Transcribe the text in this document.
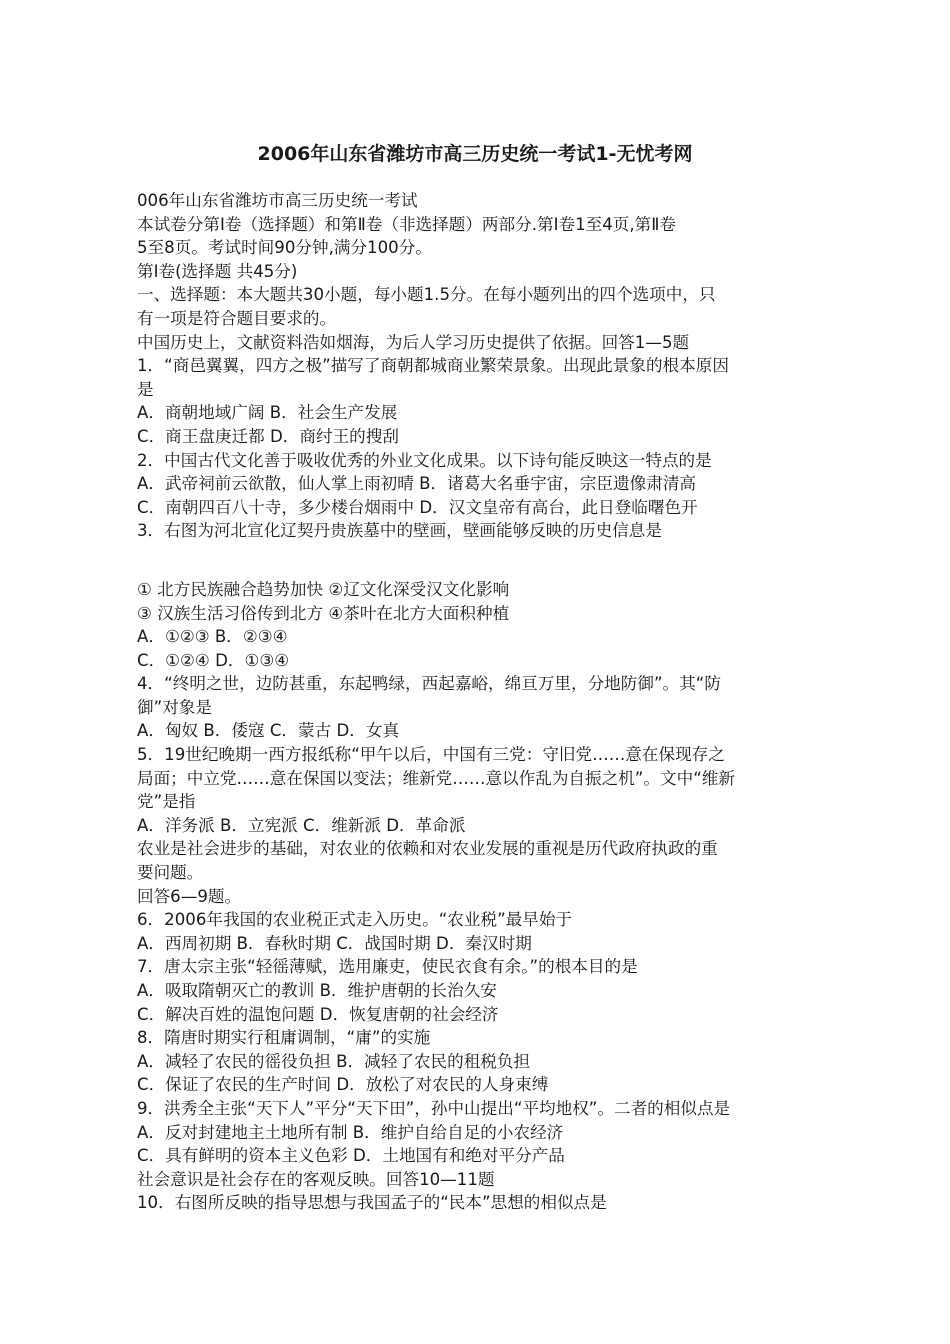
2006年山东省潍坊市高三历史统一考试1-无忧考网
006年山东省潍坊市高三历史统一考试
本试卷分第Ⅰ卷（选择题）和第Ⅱ卷（非选择题）两部分.第Ⅰ卷1至4页,第Ⅱ卷
5至8页。考试时间90分钟,满分100分。
第Ⅰ卷(选择题 共45分)
一、选择题：本大题共30小题，每小题1.5分。在每小题列出的四个选项中，只
有一项是符合题目要求的。
中国历史上，文献资料浩如烟海，为后人学习历史提供了依据。回答1—5题
1．“商邑翼翼，四方之极”描写了商朝都城商业繁荣景象。出现此景象的根本原因
是
A．商朝地域广阔 B．社会生产发展
C．商王盘庚迁都 D．商纣王的搜刮
2．中国古代文化善于吸收优秀的外业文化成果。以下诗句能反映这一特点的是
A．武帝祠前云欲散，仙人掌上雨初晴 B．诸葛大名垂宇宙，宗臣遗像肃清高
C．南朝四百八十寺，多少楼台烟雨中 D．汉文皇帝有高台，此日登临曙色开
3．右图为河北宣化辽契丹贵族墓中的壁画，壁画能够反映的历史信息是
① 北方民族融合趋势加快 ②辽文化深受汉文化影响
③ 汉族生活习俗传到北方 ④茶叶在北方大面积种植
A．①②③ B．②③④
C．①②④ D．①③④
4．“终明之世，边防甚重，东起鸭绿，西起嘉峪，绵亘万里，分地防御”。其“防
御”对象是
A．匈奴 B．倭寇 C．蒙古 D．女真
5．19世纪晚期一西方报纸称“甲午以后，中国有三党：守旧党……意在保现存之
局面；中立党……意在保国以变法；维新党……意以作乱为自振之机”。文中“维新
党”是指
A．洋务派 B．立宪派 C．维新派 D．革命派
农业是社会进步的基础，对农业的依赖和对农业发展的重视是历代政府执政的重
要问题。
回答6—9题。
6．2006年我国的农业税正式走入历史。“农业税”最早始于
A．西周初期 B．春秋时期 C．战国时期 D．秦汉时期
7．唐太宗主张“轻徭薄赋，选用廉吏，使民衣食有余。”的根本目的是
A．吸取隋朝灭亡的教训 B．维护唐朝的长治久安
C．解决百姓的温饱问题 D．恢复唐朝的社会经济
8．隋唐时期实行租庸调制，“庸”的实施
A．减轻了农民的徭役负担 B．减轻了农民的租税负担
C．保证了农民的生产时间 D．放松了对农民的人身束缚
9．洪秀全主张“天下人”平分“天下田”，孙中山提出“平均地权”。二者的相似点是
A．反对封建地主土地所有制 B．维护自给自足的小农经济
C．具有鲜明的资本主义色彩 D．土地国有和绝对平分产品
社会意识是社会存在的客观反映。回答10—11题
10．右图所反映的指导思想与我国孟子的“民本”思想的相似点是
